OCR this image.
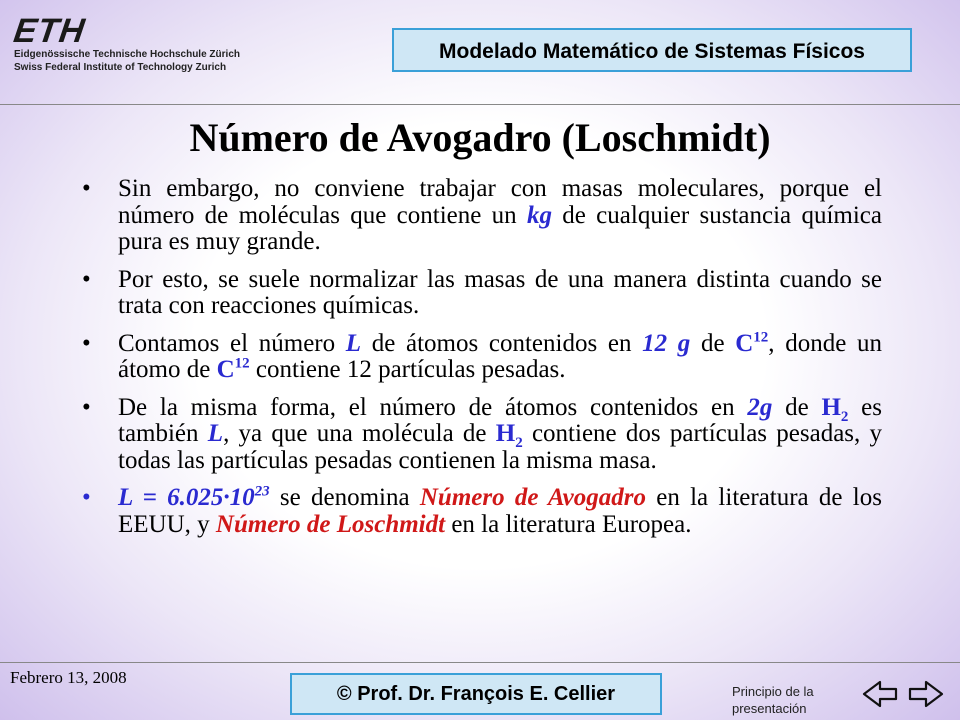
ETH
Eidgenössische Technische Hochschule Zürich
Swiss Federal Institute of Technology Zurich
Modelado Matemático de Sistemas Físicos
Número de Avogadro (Loschmidt)
• Sin embargo, no conviene trabajar con masas moleculares, porque el número de moléculas que contiene un kg de cualquier sustancia química pura es muy grande.
• Por esto, se suele normalizar las masas de una manera distinta cuando se trata con reacciones químicas.
• Contamos el número L de átomos contenidos en 12 g de $C^{12}$, donde un átomo de $C^{12}$ contiene 12 partículas pesadas.
• De la misma forma, el número de átomos contenidos en 2g de $H_2$ es también L, ya que una molécula de $H_2$ contiene dos partículas pesadas, y todas las partículas pesadas contienen la misma masa.
• $L = 6.025\cdot 10^{23}$ se denomina Número de Avogadro en la literatura de los EEUU, y Número de Loschmidt en la literatura Europea.
Febrero 13, 2008
© Prof. Dr. François E. Cellier	Principio de la presentación
